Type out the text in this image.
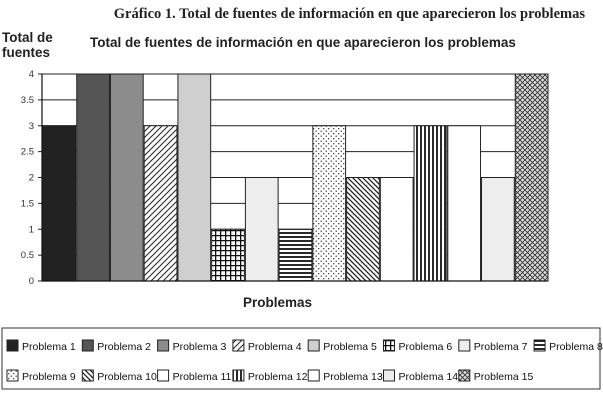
Gráfico 1. Total de fuentes de información en que aparecieron los problemas
Total de
fuentes
Total de fuentes de información en que aparecieron los problemas
0
0.5
1
1.5
2
2.5
3
3.5
4
Problemas
Problema 1 Problema 2 Problema 3 Problema 4 Problema 5 Problema 6 Problema 7 Problema 8
Problema 9 Problema 10 Problema 11 Problema 12 Problema 13 Problema 14 Problema 15
